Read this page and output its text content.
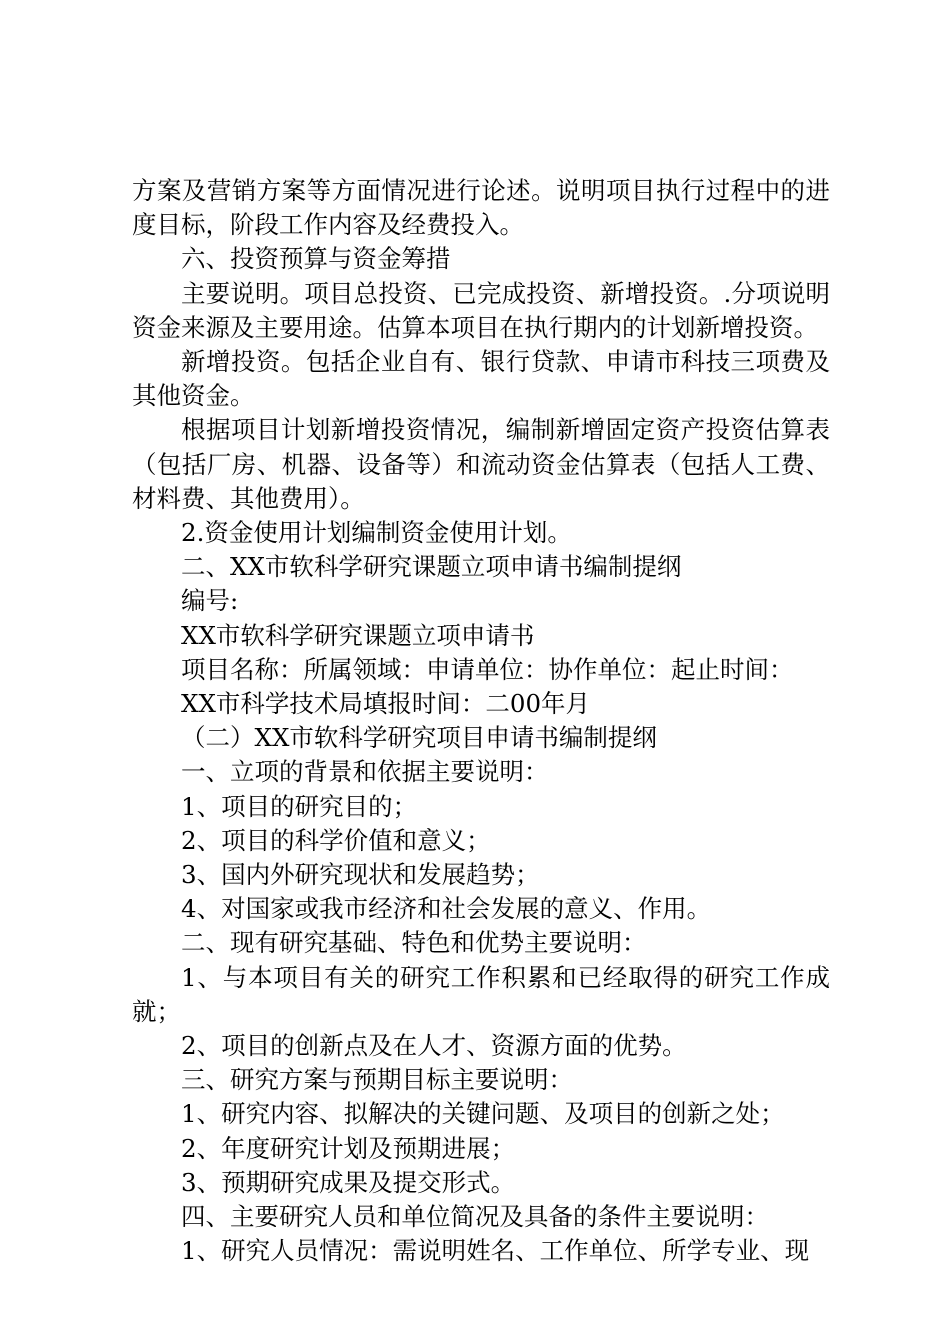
方案及营销方案等方面情况进行论述。说明项目执行过程中的进度目标，阶段工作内容及经费投入。

六、投资预算与资金筹措

主要说明。项目总投资、已完成投资、新增投资。.分项说明资金来源及主要用途。估算本项目在执行期内的计划新增投资。

新增投资。包括企业自有、银行贷款、申请市科技三项费及其他资金。

根据项目计划新增投资情况，编制新增固定资产投资估算表（包括厂房、机器、设备等）和流动资金估算表（包括人工费、材料费、其他费用）。

2.资金使用计划编制资金使用计划。

二、XX市软科学研究课题立项申请书编制提纲

编号:

XX市软科学研究课题立项申请书

项目名称：所属领域：申请单位：协作单位：起止时间：

XX市科学技术局填报时间：二00年月

（二）XX市软科学研究项目申请书编制提纲

一、立项的背景和依据主要说明：

1、项目的研究目的；

2、项目的科学价值和意义；

3、国内外研究现状和发展趋势；

4、对国家或我市经济和社会发展的意义、作用。

二、现有研究基础、特色和优势主要说明：

1、与本项目有关的研究工作积累和已经取得的研究工作成就；

2、项目的创新点及在人才、资源方面的优势。

三、研究方案与预期目标主要说明：

1、研究内容、拟解决的关键问题、及项目的创新之处；

2、年度研究计划及预期进展；

3、预期研究成果及提交形式。

四、主要研究人员和单位简况及具备的条件主要说明：

1、研究人员情况：需说明姓名、工作单位、所学专业、现
